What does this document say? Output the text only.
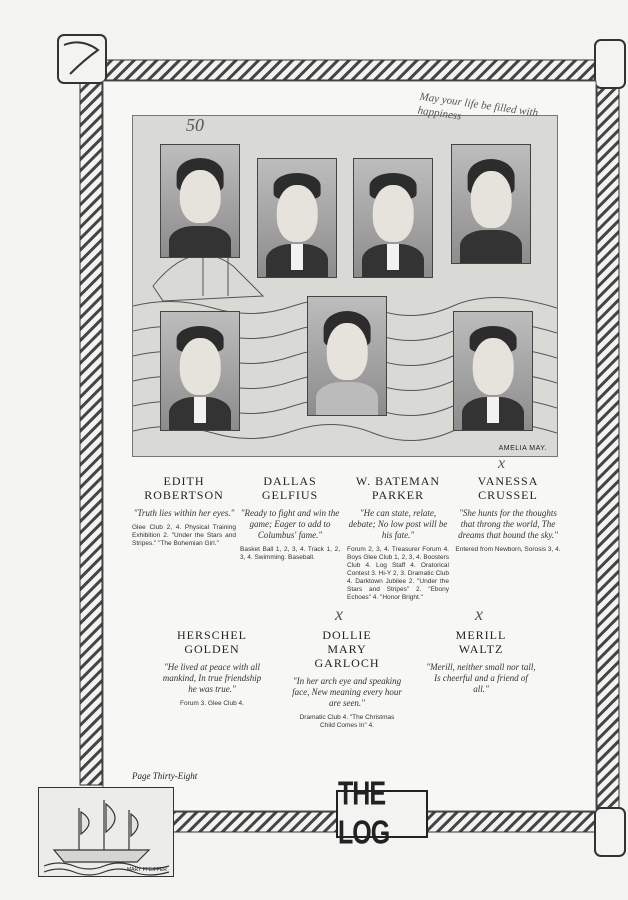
AMELIA MAY.
50
May your life be filled with happiness
EDITH
ROBERTSON
"Truth lies within her eyes."
Glee Club 2, 4. Physical Training Exhibition 2. "Under the Stars and Stripes." "The Bohemian Girl."
DALLAS
GELFIUS
"Ready to fight and win the game; Eager to add to Columbus' fame."
Basket Ball 1, 2, 3, 4. Track 1, 2, 3, 4. Swimming. Baseball.
W. BATEMAN
PARKER
"He can state, relate, debate; No low post will be his fate."
Forum 2, 3, 4. Treasurer Forum 4. Boys Glee Club 1, 2, 3, 4. Boosters Club 4. Log Staff 4. Oratorical Contest 3. Hi-Y 2, 3. Dramatic Club 4. Darktown Jubilee 2. "Under the Stars and Stripes" 2. "Ebony Echoes" 4. "Honor Bright."
VANESSA
CRUSSEL
"She hunts for the thoughts that throng the world, The dreams that bound the sky."
Entered from Newborn, Sorosis 3, 4.
HERSCHEL
GOLDEN
"He lived at peace with all mankind, In true friendship he was true."
Forum 3. Glee Club 4.
DOLLIE
MARY
GARLOCH
"In her arch eye and speaking face, New meaning every hour are seen."
Dramatic Club 4. "The Christmas Child Comes In" 4.
MERILL
WALTZ
"Merill, neither small nor tall, Is cheerful and a friend of all."
x
x	x
Page Thirty-Eight
MARY PFEIFFER
THE LOG
